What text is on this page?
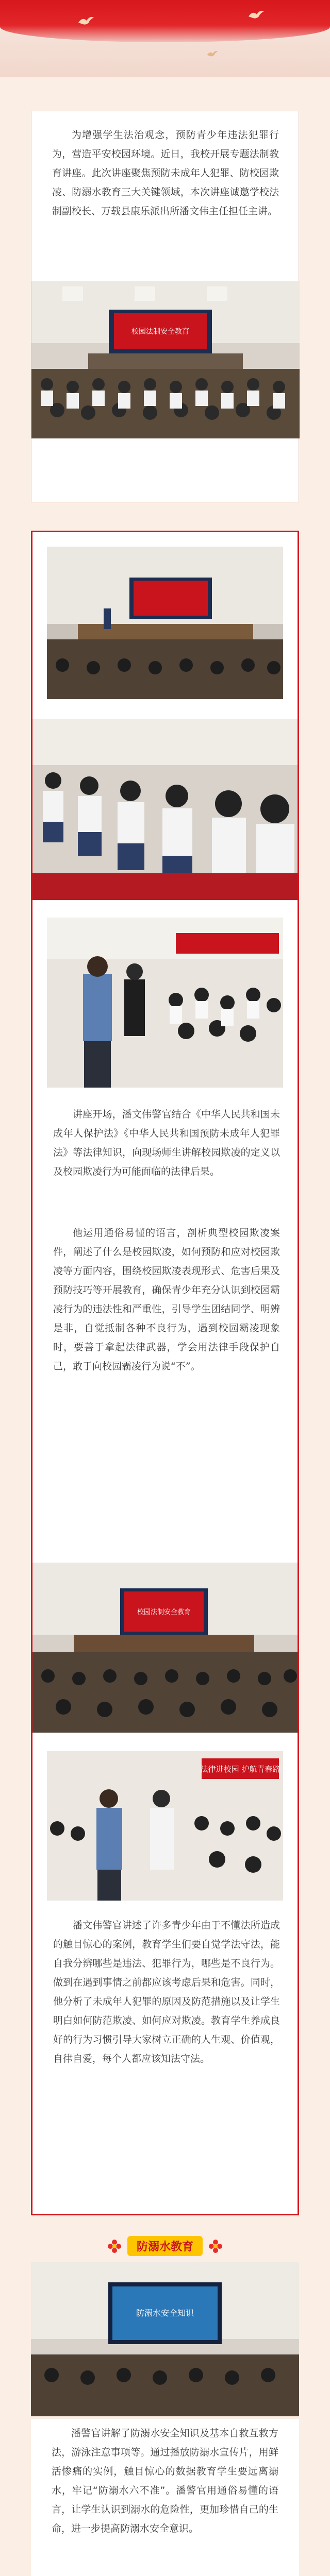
为增强学生法治观念，预防青少年违法犯罪行为，营造平安校园环境。近日，我校开展专题法制教育讲座。此次讲座聚焦预防未成年人犯罪、防校园欺凌、防溺水教育三大关键领域，本次讲座诚邀学校法制副校长、万载县康乐派出所潘文伟主任担任主讲。

校园法制安全教育

讲座开场，潘文伟警官结合《中华人民共和国未成年人保护法》《中华人民共和国预防未成年人犯罪法》等法律知识，向现场师生讲解校园欺凌的定义以及校园欺凌行为可能面临的法律后果。

他运用通俗易懂的语言，剖析典型校园欺凌案件，阐述了什么是校园欺凌，如何预防和应对校园欺凌等方面内容，围绕校园欺凌表现形式、危害后果及预防技巧等开展教育，确保青少年充分认识到校园霸凌行为的违法性和严重性，引导学生团结同学、明辨是非，自觉抵制各种不良行为，遇到校园霸凌现象时，要善于拿起法律武器，学会用法律手段保护自己，敢于向校园霸凌行为说“不”。

校园法制安全教育
法律进校园 护航青春路

潘文伟警官讲述了许多青少年由于不懂法所造成的触目惊心的案例，教育学生们要自觉学法守法，能自我分辨哪些是违法、犯罪行为，哪些是不良行为。做到在遇到事情之前都应该考虑后果和危害。同时，他分析了未成年人犯罪的原因及防范措施以及让学生明白如何防范欺凌、如何应对欺凌。教育学生养成良好的行为习惯引导大家树立正确的人生观、价值观，自律自爱，每个人都应该知法守法。

防溺水教育
防溺水安全知识

潘警官讲解了防溺水安全知识及基本自救互救方法，游泳注意事项等。通过播放防溺水宣传片，用鲜活惨痛的实例，触目惊心的数据教育学生要远离溺水，牢记“防溺水六不准”。潘警官用通俗易懂的语言，让学生认识到溺水的危险性，更加珍惜自己的生命，进一步提高防溺水安全意识。
